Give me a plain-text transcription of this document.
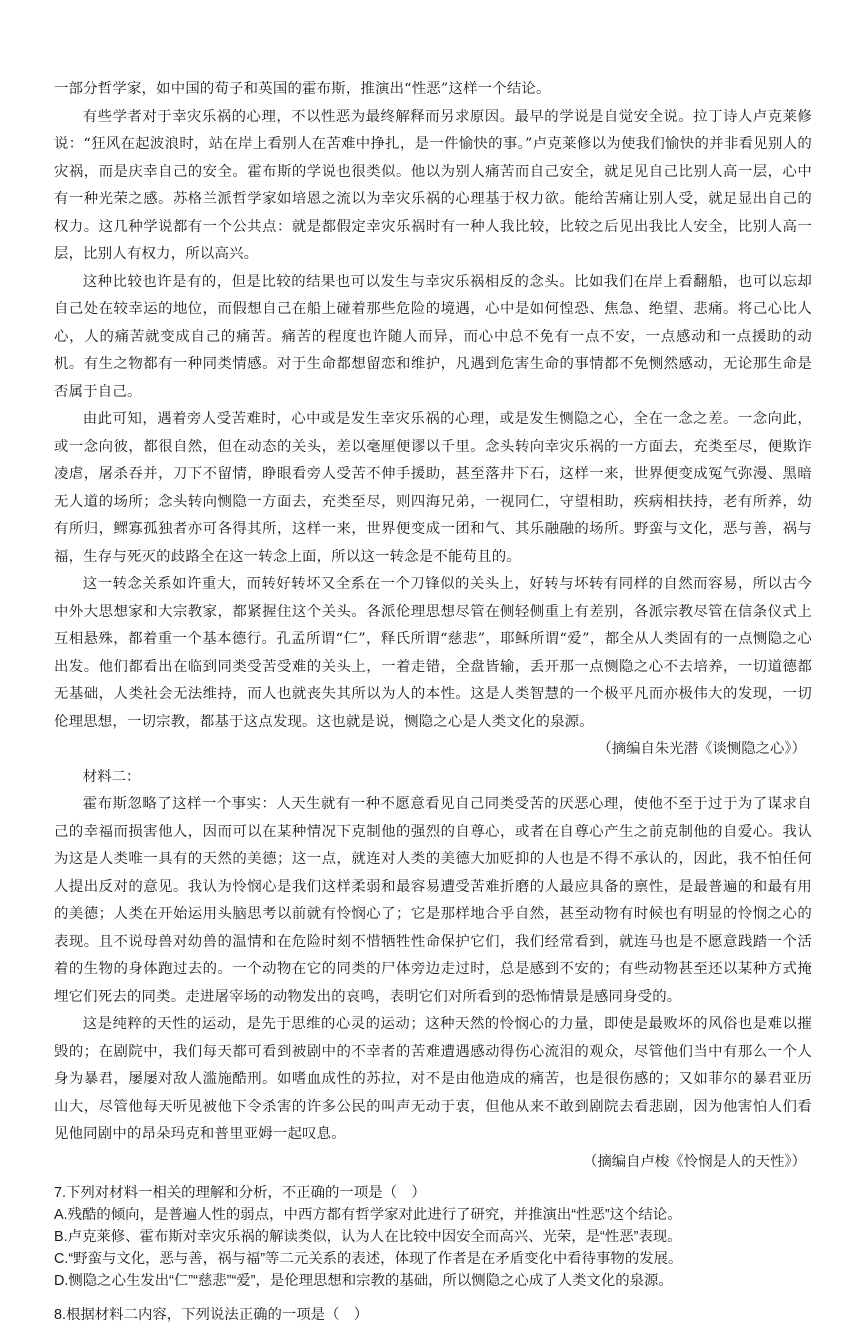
一部分哲学家，如中国的荀子和英国的霍布斯，推演出“性恶”这样一个结论。

有些学者对于幸灾乐祸的心理，不以性恶为最终解释而另求原因。最早的学说是自觉安全说。拉丁诗人卢克莱修说：“狂风在起波浪时，站在岸上看别人在苦难中挣扎，是一件愉快的事。”卢克莱修以为使我们愉快的并非看见别人的灾祸，而是庆幸自己的安全。霍布斯的学说也很类似。他以为别人痛苦而自己安全，就足见自己比别人高一层，心中有一种光荣之感。苏格兰派哲学家如培恩之流以为幸灾乐祸的心理基于权力欲。能给苦痛让别人受，就足显出自己的权力。这几种学说都有一个公共点：就是都假定幸灾乐祸时有一种人我比较，比较之后见出我比人安全，比别人高一层，比别人有权力，所以高兴。

这种比较也许是有的，但是比较的结果也可以发生与幸灾乐祸相反的念头。比如我们在岸上看翻船，也可以忘却自己处在较幸运的地位，而假想自己在船上碰着那些危险的境遇，心中是如何惶恐、焦急、绝望、悲痛。将己心比人心，人的痛苦就变成自己的痛苦。痛苦的程度也许随人而异，而心中总不免有一点不安，一点感动和一点援助的动机。有生之物都有一种同类情感。对于生命都想留恋和维护，凡遇到危害生命的事情都不免恻然感动，无论那生命是否属于自己。

由此可知，遇着旁人受苦难时，心中或是发生幸灾乐祸的心理，或是发生恻隐之心，全在一念之差。一念向此，或一念向彼，都很自然，但在动态的关头，差以毫厘便谬以千里。念头转向幸灾乐祸的一方面去，充类至尽，便欺诈凌虐，屠杀吞并，刀下不留情，睁眼看旁人受苦不伸手援助，甚至落井下石，这样一来，世界便变成冤气弥漫、黑暗无人道的场所；念头转向恻隐一方面去，充类至尽，则四海兄弟，一视同仁，守望相助，疾病相扶持，老有所养，幼有所归，鳏寡孤独者亦可各得其所，这样一来，世界便变成一团和气、其乐融融的场所。野蛮与文化，恶与善，祸与福，生存与死灭的歧路全在这一转念上面，所以这一转念是不能苟且的。

这一转念关系如许重大，而转好转坏又全系在一个刀锋似的关头上，好转与坏转有同样的自然而容易，所以古今中外大思想家和大宗教家，都紧握住这个关头。各派伦理思想尽管在侧轻侧重上有差别，各派宗教尽管在信条仪式上互相悬殊，都着重一个基本德行。孔孟所谓“仁”，释氏所谓“慈悲”，耶稣所谓“爱”，都全从人类固有的一点恻隐之心出发。他们都看出在临到同类受苦受难的关头上，一着走错，全盘皆输，丢开那一点恻隐之心不去培养，一切道德都无基础，人类社会无法维持，而人也就丧失其所以为人的本性。这是人类智慧的一个极平凡而亦极伟大的发现，一切伦理思想，一切宗教，都基于这点发现。这也就是说，恻隐之心是人类文化的泉源。

（摘编自朱光潜《谈恻隐之心》）

材料二：

霍布斯忽略了这样一个事实：人天生就有一种不愿意看见自己同类受苦的厌恶心理，使他不至于过于为了谋求自己的幸福而损害他人，因而可以在某种情况下克制他的强烈的自尊心，或者在自尊心产生之前克制他的自爱心。我认为这是人类唯一具有的天然的美德；这一点，就连对人类的美德大加贬抑的人也是不得不承认的，因此，我不怕任何人提出反对的意见。我认为怜悯心是我们这样柔弱和最容易遭受苦难折磨的人最应具备的禀性，是最普遍的和最有用的美德；人类在开始运用头脑思考以前就有怜悯心了；它是那样地合乎自然，甚至动物有时候也有明显的怜悯之心的表现。且不说母兽对幼兽的温情和在危险时刻不惜牺牲性命保护它们，我们经常看到，就连马也是不愿意践踏一个活着的生物的身体跑过去的。一个动物在它的同类的尸体旁边走过时，总是感到不安的；有些动物甚至还以某种方式掩埋它们死去的同类。走进屠宰场的动物发出的哀鸣，表明它们对所看到的恐怖情景是感同身受的。

这是纯粹的天性的运动，是先于思维的心灵的运动；这种天然的怜悯心的力量，即使是最败坏的风俗也是难以摧毁的；在剧院中，我们每天都可看到被剧中的不幸者的苦难遭遇感动得伤心流泪的观众，尽管他们当中有那么一个人身为暴君，屡屡对敌人滥施酷刑。如嗜血成性的苏拉，对不是由他造成的痛苦，也是很伤感的；又如菲尔的暴君亚历山大，尽管他每天听见被他下令杀害的许多公民的叫声无动于衷，但他从来不敢到剧院去看悲剧，因为他害怕人们看见他同剧中的昂朵玛克和普里亚姆一起叹息。

（摘编自卢梭《怜悯是人的天性》）

7.下列对材料一相关的理解和分析，不正确的一项是（　）

A.残酷的倾向，是普遍人性的弱点，中西方都有哲学家对此进行了研究，并推演出“性恶”这个结论。

B.卢克莱修、霍布斯对幸灾乐祸的解读类似，认为人在比较中因安全而高兴、光荣，是“性恶”表现。

C.“野蛮与文化，恶与善，祸与福”等二元关系的表述，体现了作者是在矛盾变化中看待事物的发展。

D.恻隐之心生发出“仁”“慈悲”“爱”，是伦理思想和宗教的基础，所以恻隐之心成了人类文化的泉源。

8.根据材料二内容，下列说法正确的一项是（　）
